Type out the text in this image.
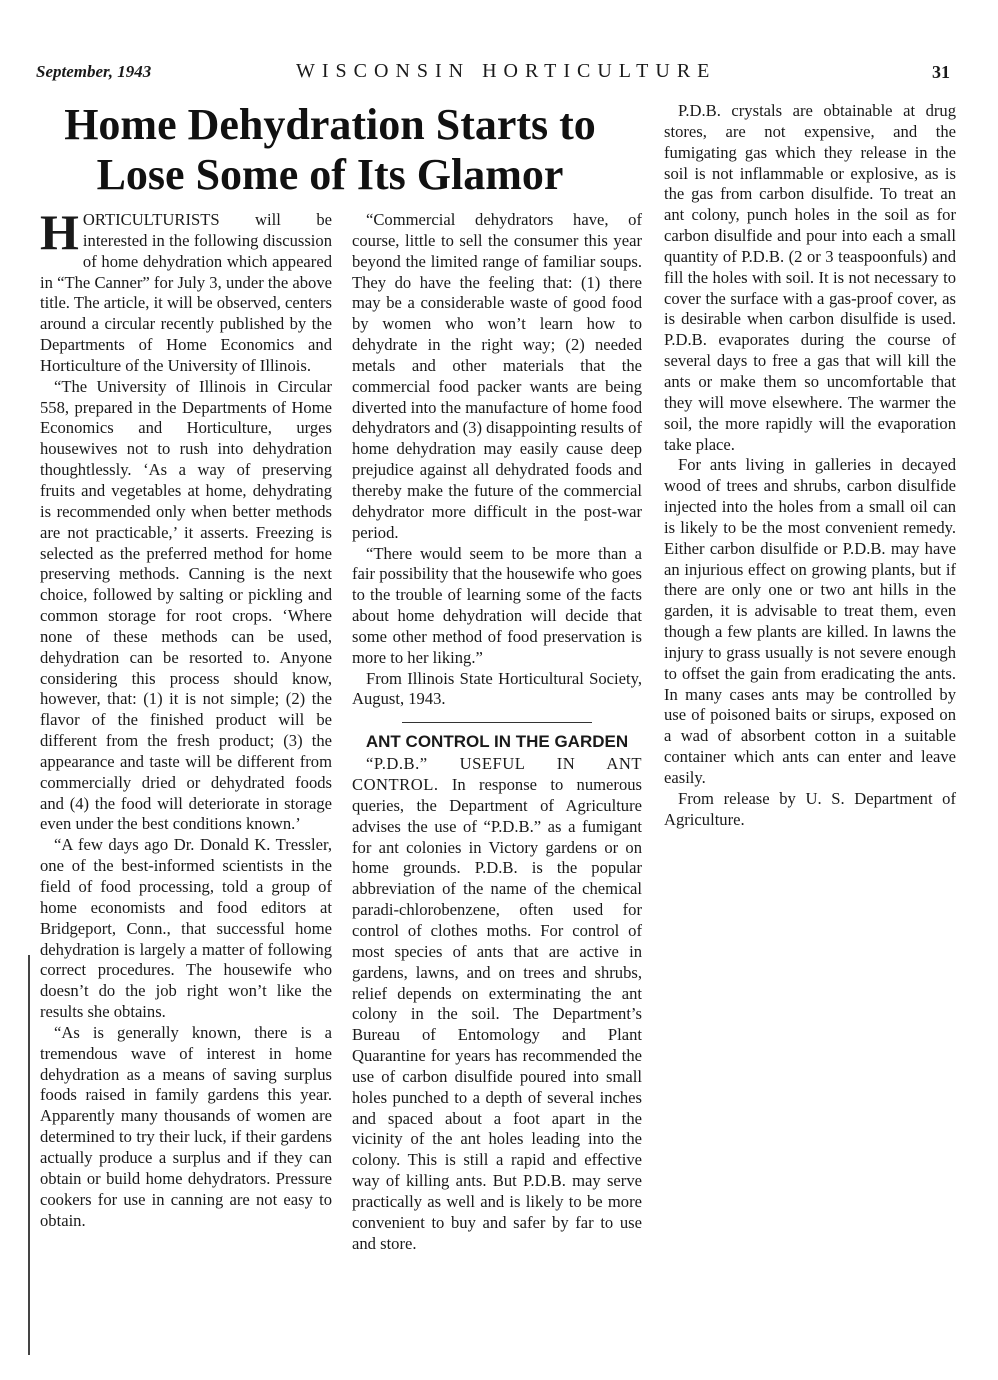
September, 1943	WISCONSIN HORTICULTURE	31
Home Dehydration Starts to Lose Some of Its Glamor

HORTICULTURISTS will be interested in the following discussion of home dehydration which appeared in “The Canner” for July 3, under the above title. The article, it will be observed, centers around a circular recently published by the Departments of Home Economics and Horticulture of the University of Illinois.

“The University of Illinois in Circular 558, prepared in the Departments of Home Economics and Horticulture, urges housewives not to rush into dehydration thoughtlessly. ‘As a way of preserving fruits and vegetables at home, dehydrating is recommended only when better methods are not practicable,’ it asserts. Freezing is selected as the preferred method for home preserving methods. Canning is the next choice, followed by salting or pickling and common storage for root crops. ‘Where none of these methods can be used, dehydration can be resorted to. Anyone considering this process should know, however, that: (1) it is not simple; (2) the flavor of the finished product will be different from the fresh product; (3) the appearance and taste will be different from commercially dried or dehydrated foods and (4) the food will deteriorate in storage even under the best conditions known.’

“A few days ago Dr. Donald K. Tressler, one of the best-informed scientists in the field of food processing, told a group of home economists and food editors at Bridgeport, Conn., that successful home dehydration is largely a matter of following correct procedures. The housewife who doesn’t do the job right won’t like the results she obtains.

“As is generally known, there is a tremendous wave of interest in home dehydration as a means of saving surplus foods raised in family gardens this year. Apparently many thousands of women are determined to try their luck, if their gardens actually produce a surplus and if they can obtain or build home dehydrators. Pressure cookers for use in canning are not easy to obtain.

“Commercial dehydrators have, of course, little to sell the consumer this year beyond the limited range of familiar soups. They do have the feeling that: (1) there may be a considerable waste of good food by women who won’t learn how to dehydrate in the right way; (2) needed metals and other materials that the commercial food packer wants are being diverted into the manufacture of home food dehydrators and (3) disappointing results of home dehydration may easily cause deep prejudice against all dehydrated foods and thereby make the future of the commercial dehydrator more difficult in the post-war period.

“There would seem to be more than a fair possibility that the housewife who goes to the trouble of learning some of the facts about home dehydration will decide that some other method of food preservation is more to her liking.”

From Illinois State Horticultural Society, August, 1943.

ANT CONTROL IN THE GARDEN

“P.D.B.” USEFUL IN ANT CONTROL. In response to numerous queries, the Department of Agriculture advises the use of “P.D.B.” as a fumigant for ant colonies in Victory gardens or on home grounds. P.D.B. is the popular abbreviation of the name of the chemical paradi-chlorobenzene, often used for control of clothes moths. For control of most species of ants that are active in gardens, lawns, and on trees and shrubs, relief depends on exterminating the ant colony in the soil. The Department’s Bureau of Entomology and Plant Quarantine for years has recommended the use of carbon disulfide poured into small holes punched to a depth of several inches and spaced about a foot apart in the vicinity of the ant holes leading into the colony. This is still a rapid and effective way of killing ants. But P.D.B. may serve practically as well and is likely to be more convenient to buy and safer by far to use and store.

P.D.B. crystals are obtainable at drug stores, are not expensive, and the fumigating gas which they release in the soil is not inflammable or explosive, as is the gas from carbon disulfide. To treat an ant colony, punch holes in the soil as for carbon disulfide and pour into each a small quantity of P.D.B. (2 or 3 teaspoonfuls) and fill the holes with soil. It is not necessary to cover the surface with a gas-proof cover, as is desirable when carbon disulfide is used. P.D.B. evaporates during the course of several days to free a gas that will kill the ants or make them so uncomfortable that they will move elsewhere. The warmer the soil, the more rapidly will the evaporation take place.

For ants living in galleries in decayed wood of trees and shrubs, carbon disulfide injected into the holes from a small oil can is likely to be the most convenient remedy. Either carbon disulfide or P.D.B. may have an injurious effect on growing plants, but if there are only one or two ant hills in the garden, it is advisable to treat them, even though a few plants are killed. In lawns the injury to grass usually is not severe enough to offset the gain from eradicating the ants. In many cases ants may be controlled by use of poisoned baits or sirups, exposed on a wad of absorbent cotton in a suitable container which ants can enter and leave easily.

From release by U. S. Department of Agriculture.
